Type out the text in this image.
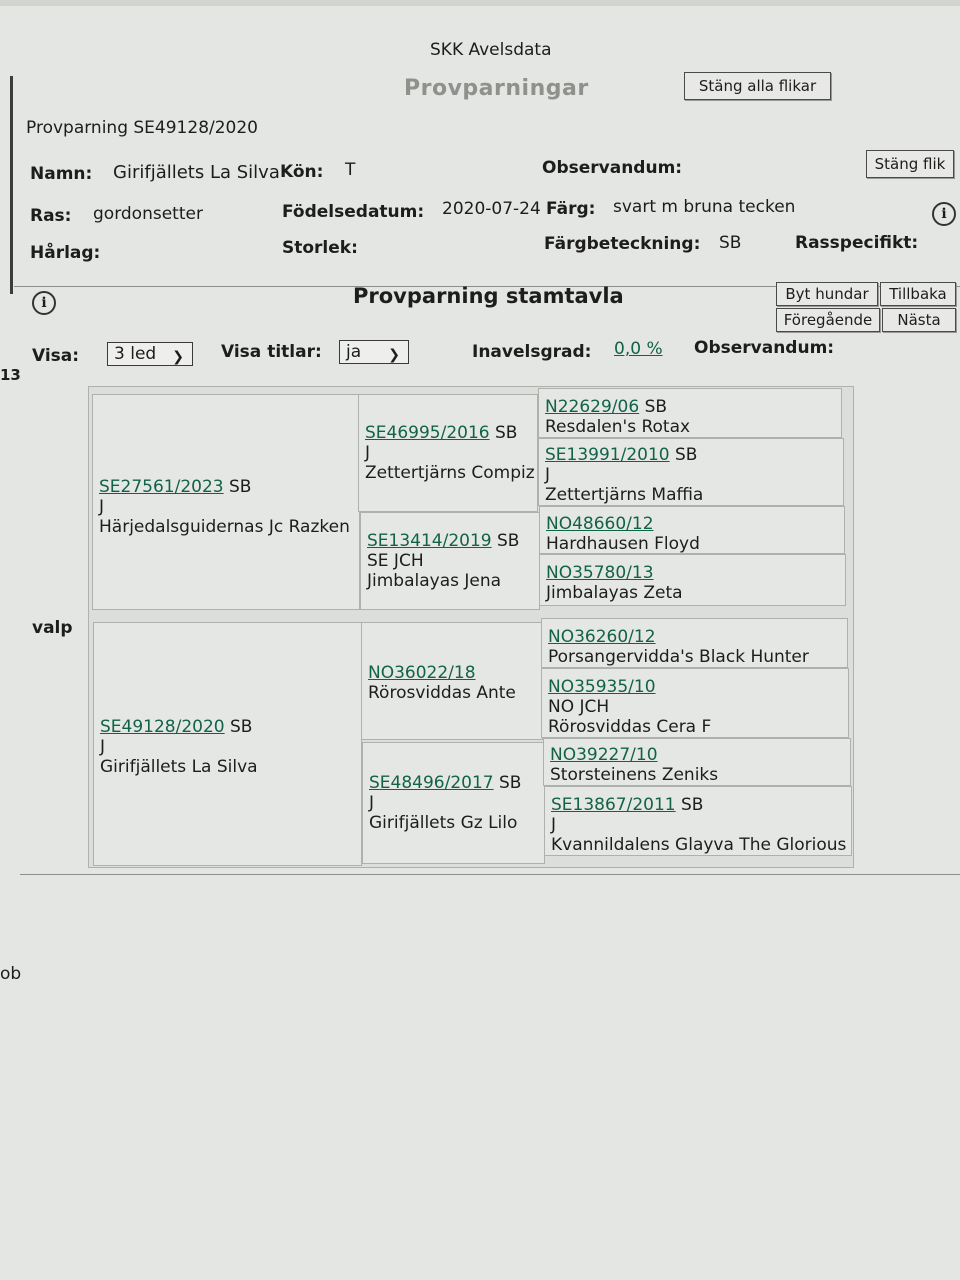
13
ob
SKK Avelsdata
Provparningar	Stäng alla flikar
Provparning SE49128/2020
Stäng flik
Namn: Girifjällets La Silva Kön: T	Observandum:
Ras: gordonsetter	Födelsedatum: 2020-07-24 Färg: svart m bruna tecken	i
Hårlag:	Storlek:	Färgbeteckning: SB	Rasspecifikt:
i	Provparning stamtavla	Byt hundar	Tillbaka
Föregående	Nästa
Visa:	3 led ❯ Visa titlar:	ja ❯	Inavelsgrad: 0,0 % Observandum:
valp
SE27561/2023 SB
J
Härjedalsguidernas Jc Razken
SE49128/2020 SB
J
Girifjällets La Silva
SE46995/2016 SB
J
Zettertjärns Compiz
SE13414/2019 SB
SE JCH
Jimbalayas Jena
NO36022/18
Rörosviddas Ante
SE48496/2017 SB
J
Girifjällets Gz Lilo
N22629/06 SB
Resdalen's Rotax
SE13991/2010 SB
J
Zettertjärns Maffia
NO48660/12
Hardhausen Floyd
NO35780/13
Jimbalayas Zeta
NO36260/12
Porsangervidda's Black Hunter
NO35935/10
NO JCH
Rörosviddas Cera F
NO39227/10
Storsteinens Zeniks
SE13867/2011 SB
J
Kvannildalens Glayva The Glorious
